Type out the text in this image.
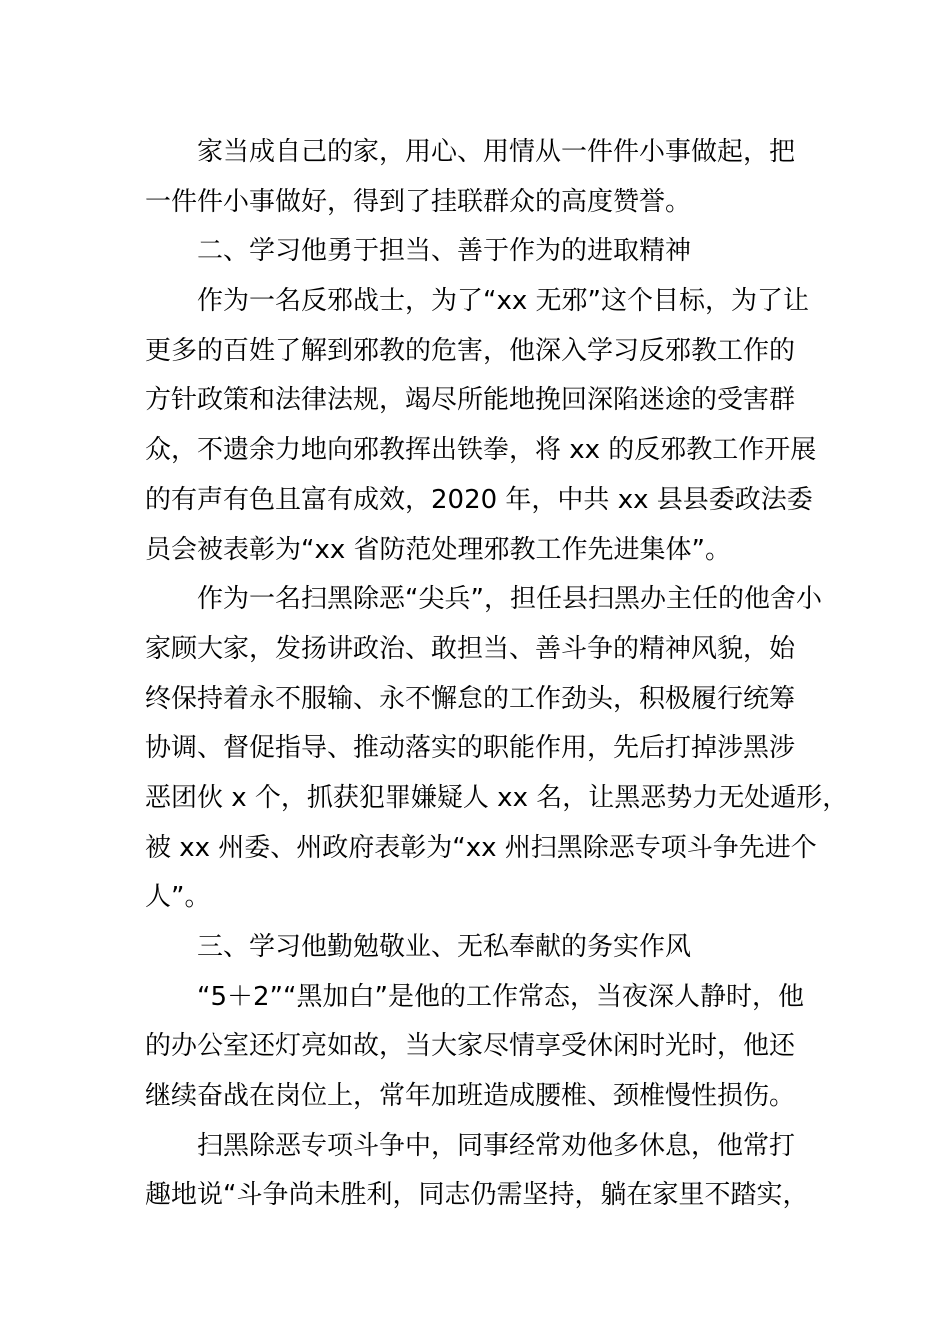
家当成自己的家，用心、用情从一件件小事做起，把
一件件小事做好，得到了挂联群众的高度赞誉。
二、学习他勇于担当、善于作为的进取精神
作为一名反邪战士，为了“xx 无邪”这个目标，为了让
更多的百姓了解到邪教的危害，他深入学习反邪教工作的
方针政策和法律法规，竭尽所能地挽回深陷迷途的受害群
众，不遗余力地向邪教挥出铁拳，将 xx 的反邪教工作开展
的有声有色且富有成效，2020 年，中共 xx 县县委政法委
员会被表彰为“xx 省防范处理邪教工作先进集体”。
作为一名扫黑除恶“尖兵”，担任县扫黑办主任的他舍小
家顾大家，发扬讲政治、敢担当、善斗争的精神风貌，始
终保持着永不服输、永不懈怠的工作劲头，积极履行统筹
协调、督促指导、推动落实的职能作用，先后打掉涉黑涉
恶团伙 x 个，抓获犯罪嫌疑人 xx 名，让黑恶势力无处遁形，
被 xx 州委、州政府表彰为“xx 州扫黑除恶专项斗争先进个
人”。
三、学习他勤勉敬业、无私奉献的务实作风
“5＋2”“黑加白”是他的工作常态，当夜深人静时，他
的办公室还灯亮如故，当大家尽情享受休闲时光时，他还
继续奋战在岗位上，常年加班造成腰椎、颈椎慢性损伤。
扫黑除恶专项斗争中，同事经常劝他多休息，他常打
趣地说“斗争尚未胜利，同志仍需坚持，躺在家里不踏实，
